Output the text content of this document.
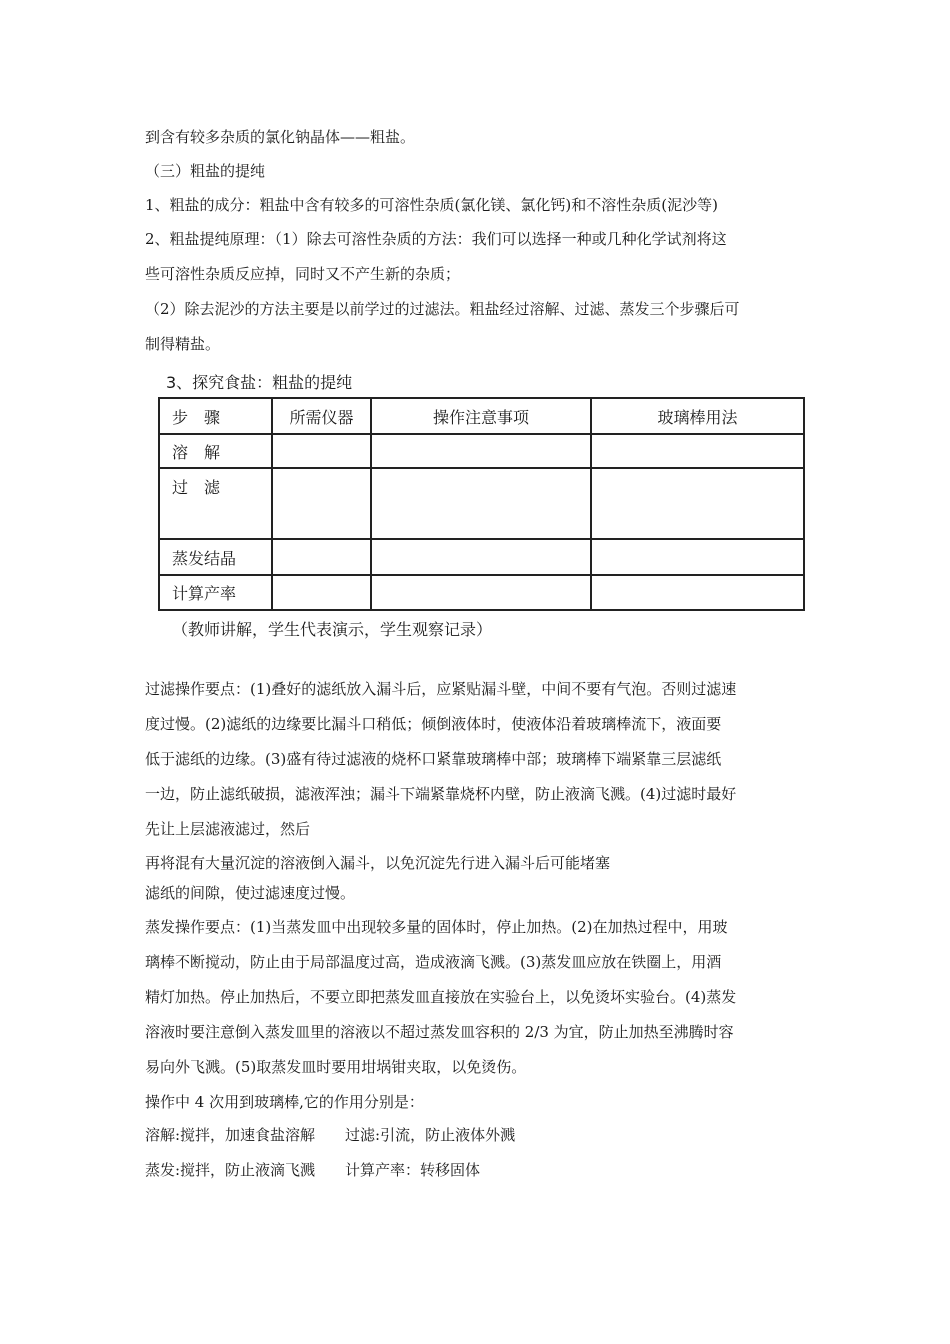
到含有较多杂质的氯化钠晶体——粗盐。
（三）粗盐的提纯
1、粗盐的成分：粗盐中含有较多的可溶性杂质(氯化镁、氯化钙)和不溶性杂质(泥沙等)
2、粗盐提纯原理：（1）除去可溶性杂质的方法：我们可以选择一种或几种化学试剂将这
些可溶性杂质反应掉，同时又不产生新的杂质；
（2）除去泥沙的方法主要是以前学过的过滤法。粗盐经过溶解、过滤、蒸发三个步骤后可
制得精盐。
3、探究食盐：粗盐的提纯
步　骤	所需仪器	操作注意事项	玻璃棒用法
溶　解			
过　滤			
蒸发结晶			
计算产率			
（教师讲解，学生代表演示，学生观察记录）
过滤操作要点：(1)叠好的滤纸放入漏斗后，应紧贴漏斗壁，中间不要有气泡。否则过滤速
度过慢。(2)滤纸的边缘要比漏斗口稍低；倾倒液体时，使液体沿着玻璃棒流下，液面要
低于滤纸的边缘。(3)盛有待过滤液的烧杯口紧靠玻璃棒中部；玻璃棒下端紧靠三层滤纸
一边，防止滤纸破损，滤液浑浊；漏斗下端紧靠烧杯内壁，防止液滴飞溅。(4)过滤时最好
先让上层滤液滤过，然后
再将混有大量沉淀的溶液倒入漏斗，以免沉淀先行进入漏斗后可能堵塞
滤纸的间隙，使过滤速度过慢。
蒸发操作要点：(1)当蒸发皿中出现较多量的固体时，停止加热。(2)在加热过程中，用玻
璃棒不断搅动，防止由于局部温度过高，造成液滴飞溅。(3)蒸发皿应放在铁圈上，用酒
精灯加热。停止加热后，不要立即把蒸发皿直接放在实验台上，以免烫坏实验台。(4)蒸发
溶液时要注意倒入蒸发皿里的溶液以不超过蒸发皿容积的 2/3 为宜，防止加热至沸腾时容
易向外飞溅。(5)取蒸发皿时要用坩埚钳夹取，以免烫伤。
操作中 4 次用到玻璃棒,它的作用分别是：
溶解:搅拌，加速食盐溶解　　过滤:引流，防止液体外溅
蒸发:搅拌，防止液滴飞溅　　计算产率：转移固体
